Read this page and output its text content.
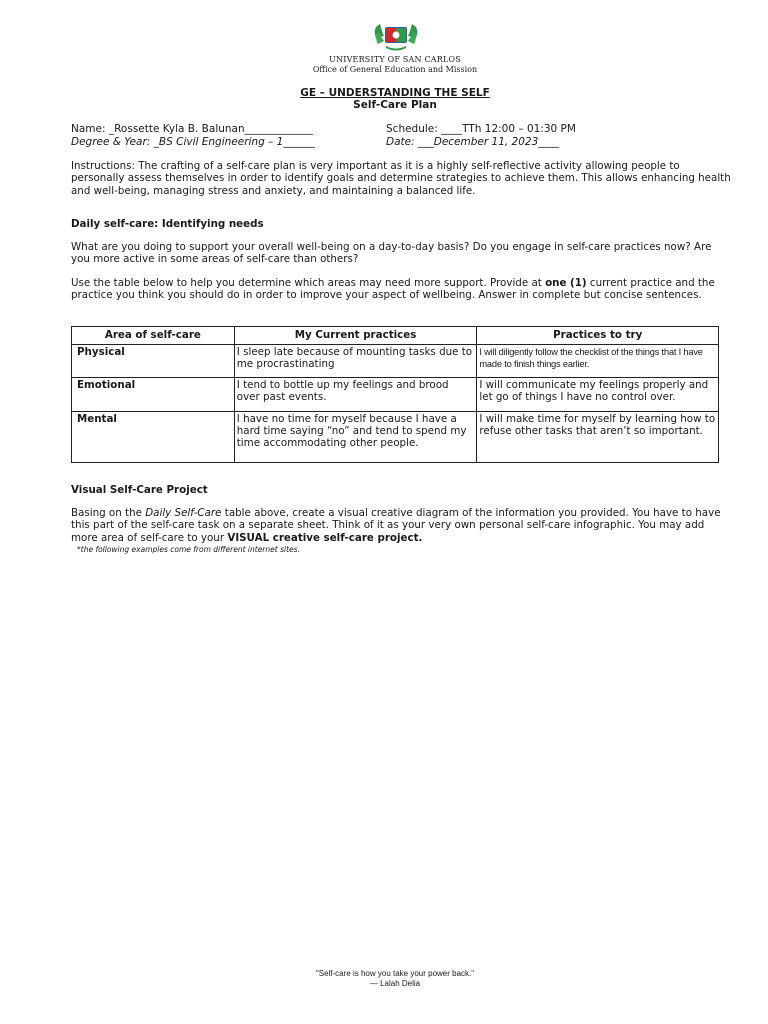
UNIVERSITY OF SAN CARLOS
Office of General Education and Mission
GE – UNDERSTANDING THE SELF
Self-Care Plan
Name: _Rossette Kyla B. Balunan_____________	Schedule: ____TTh 12:00 – 01:30 PM
Degree & Year: _BS Civil Engineering – 1______	Date: ___December 11, 2023____
Instructions: The crafting of a self-care plan is very important as it is a highly self-reflective activity allowing people to personally assess themselves in order to identify goals and determine strategies to achieve them. This allows enhancing health and well-being, managing stress and anxiety, and maintaining a balanced life.
Daily self-care: Identifying needs
What are you doing to support your overall well-being on a day-to-day basis? Do you engage in self-care practices now? Are you more active in some areas of self-care than others?
Use the table below to help you determine which areas may need more support. Provide at one (1) current practice and the practice you think you should do in order to improve your aspect of wellbeing. Answer in complete but concise sentences.
Area of self-care	My Current practices	Practices to try
Physical	I sleep late because of mounting tasks due to me procrastinating	I will diligently follow the checklist of the things that I have made to finish things earlier.
Emotional	I tend to bottle up my feelings and brood over past events.	I will communicate my feelings properly and let go of things I have no control over.
Mental	I have no time for myself because I have a hard time saying “no” and tend to spend my time accommodating other people.	I will make time for myself by learning how to refuse other tasks that aren’t so important.
Visual Self-Care Project
Basing on the Daily Self-Care table above, create a visual creative diagram of the information you provided. You have to have this part of the self-care task on a separate sheet. Think of it as your very own personal self-care infographic. You may add more area of self-care to your VISUAL creative self-care project.
*the following examples come from different internet sites.
"Self-care is how you take your power back."
— Lalah Delia
